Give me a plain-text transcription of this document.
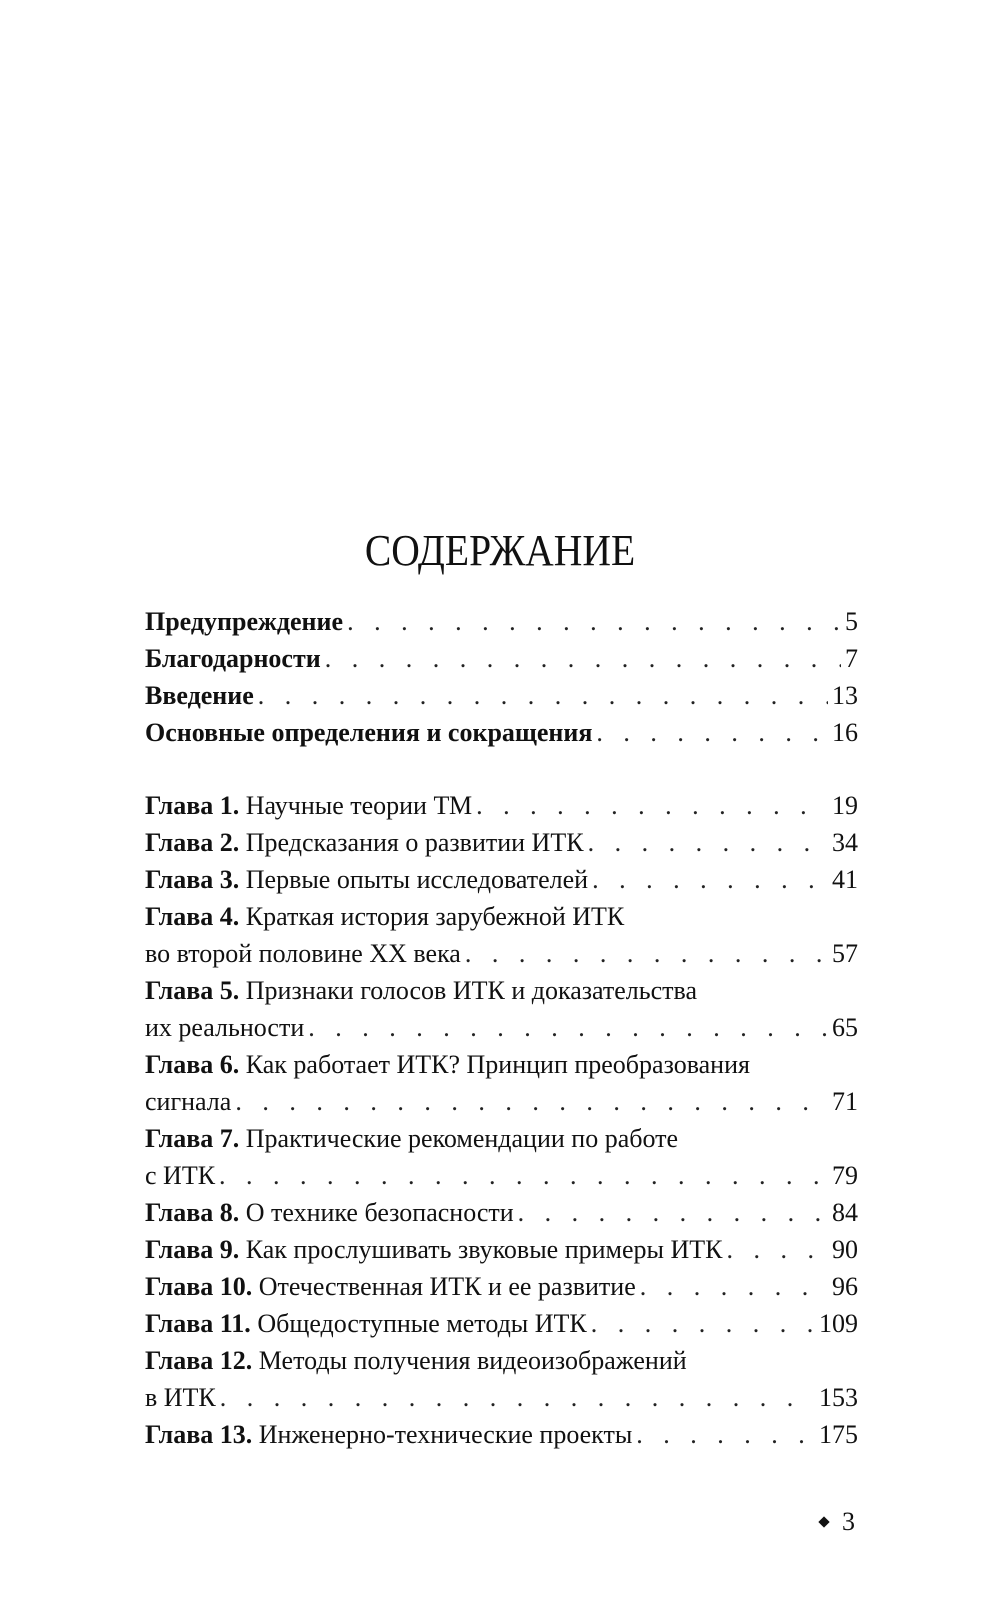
СОДЕРЖАНИЕ
Предупреждение . . .	5
Благодарности . . .	7
Введение . . .	13
Основные определения и сокращения . . .	16
Глава 1.
Научные теории ТМ . . .	19
Глава 2.
Предсказания о развитии ИТК . . .	34
Глава 3.
Первые опыты исследователей . . .	41
Глава 4.
Краткая история зарубежной ИТК
во второй половине XX века . . .	57
Глава 5.
Признаки голосов ИТК и доказательства
их реальности . . .	65
Глава 6.
Как работает ИТК? Принцип преобразования
сигнала . . .	71
Глава 7.
Практические рекомендации по работе
с ИТК . . .	79
Глава 8.
О технике безопасности . . .	84
Глава 9.
Как прослушивать звуковые примеры ИТК . . .	90
Глава 10.
Отечественная ИТК и ее развитие . . .	96
Глава 11.
Общедоступные методы ИТК . . .	109
Глава 12.
Методы получения видеоизображений
в ИТК . . .	153
Глава 13.
Инженерно-технические проекты . . .	175
3
